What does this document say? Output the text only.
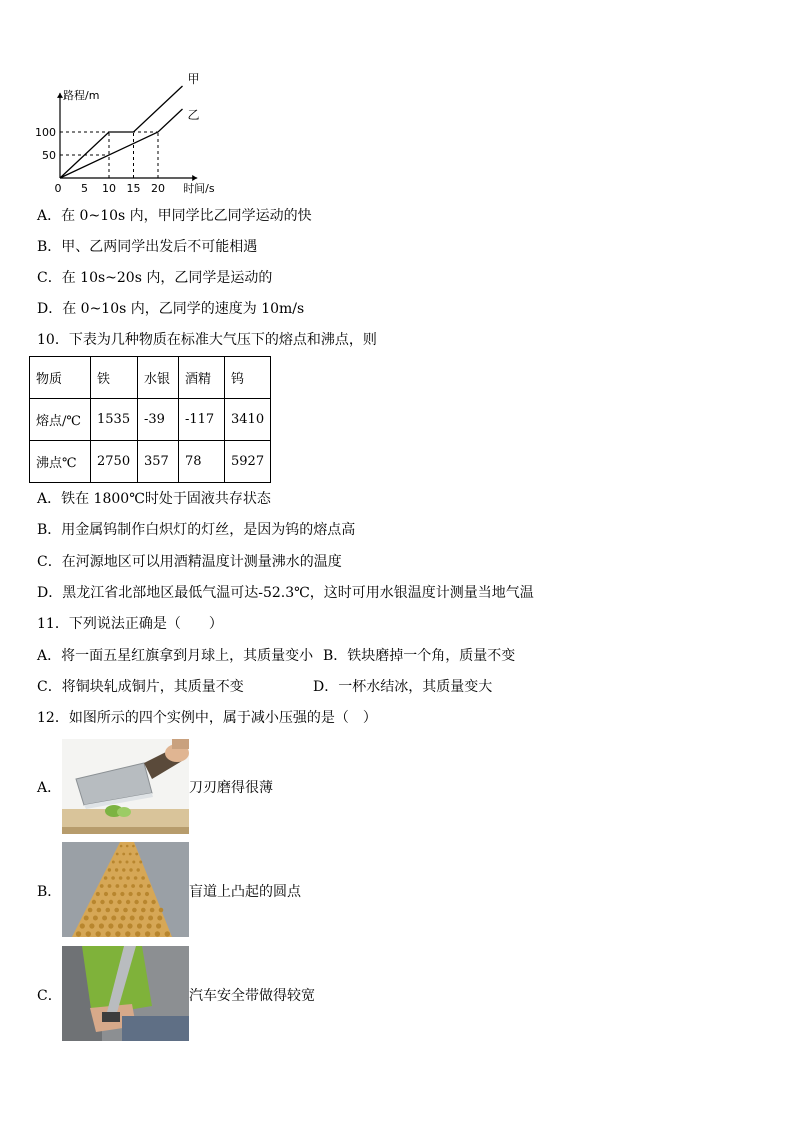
路程/m
时间/s
0 5 10 15 20
50
100
甲
乙
A．在 0~10s 内，甲同学比乙同学运动的快
B．甲、乙两同学出发后不可能相遇
C．在 10s~20s 内，乙同学是运动的
D．在 0~10s 内，乙同学的速度为 10m/s
10．下表为几种物质在标准大气压下的熔点和沸点，则
物质	铁	水银	酒精	钨
熔点/℃	1535	-39	-117	3410
沸点℃	2750	357	78	5927
A．铁在 1800℃时处于固液共存状态
B．用金属钨制作白炽灯的灯丝，是因为钨的熔点高
C．在河源地区可以用酒精温度计测量沸水的温度
D．黑龙江省北部地区最低气温可达-52.3℃，这时可用水银温度计测量当地气温
11．下列说法正确是（　　）
A．将一面五星红旗拿到月球上，其质量变小 B．铁块磨掉一个角，质量不变
C．将铜块轧成铜片，其质量不变	D．一杯水结冰，其质量变大
12．如图所示的四个实例中，属于减小压强的是（　）
A．	刀刃磨得很薄
B．	盲道上凸起的圆点
C．	汽车安全带做得较宽
